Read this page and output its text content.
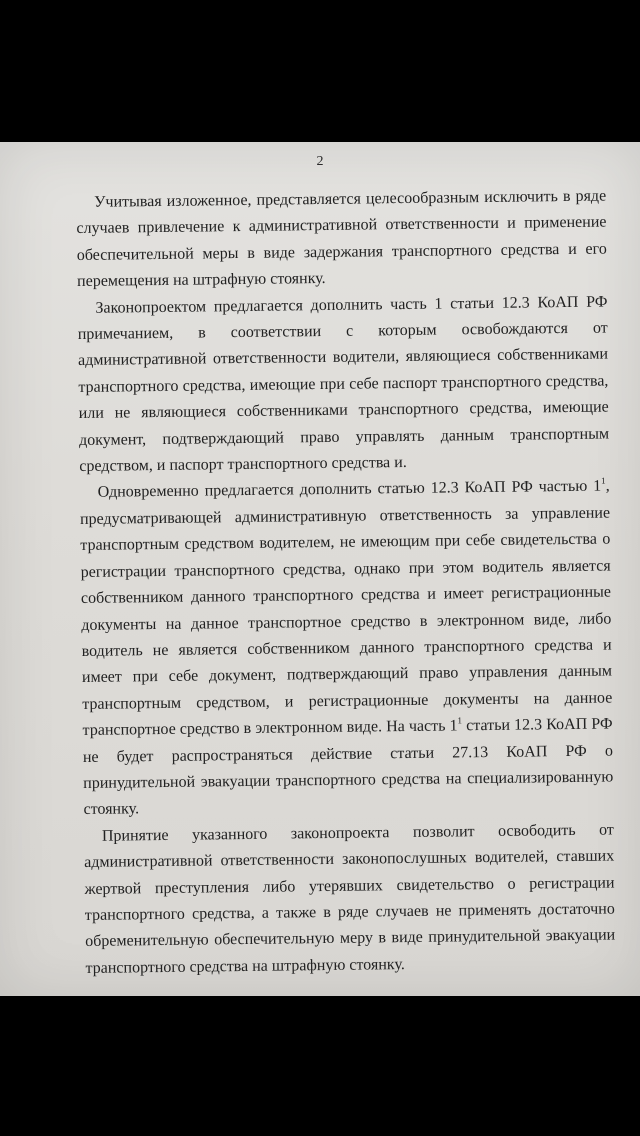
2

Учитывая изложенное, представляется целесообразным исключить в ряде случаев привлечение к административной ответственности и применение обеспечительной меры в виде задержания транспортного средства и его перемещения на штрафную стоянку.

Законопроектом предлагается дополнить часть 1 статьи 12.3 КоАП РФ примечанием, в соответствии с которым освобождаются от административной ответственности водители, являющиеся собственниками транспортного средства, имеющие при себе паспорт транспортного средства, или не являющиеся собственниками транспортного средства, имеющие документ, подтверждающий право управлять данным транспортным средством, и паспорт транспортного средства и.

Одновременно предлагается дополнить статью 12.3 КоАП РФ частью $1^1$, предусматривающей административную ответственность за управление транспортным средством водителем, не имеющим при себе свидетельства о регистрации транспортного средства, однако при этом водитель является собственником данного транспортного средства и имеет регистрационные документы на данное транспортное средство в электронном виде, либо водитель не является собственником данного транспортного средства и имеет при себе документ, подтверждающий право управления данным транспортным средством, и регистрационные документы на данное транспортное средство в электронном виде. На часть $1^1$ статьи 12.3 КоАП РФ не будет распространяться действие статьи 27.13 КоАП РФ о принудительной эвакуации транспортного средства на специализированную стоянку.

Принятие указанного законопроекта позволит освободить от административной ответственности законопослушных водителей, ставших жертвой преступления либо утерявших свидетельство о регистрации транспортного средства, а также в ряде случаев не применять достаточно обременительную обеспечительную меру в виде принудительной эвакуации транспортного средства на штрафную стоянку.
